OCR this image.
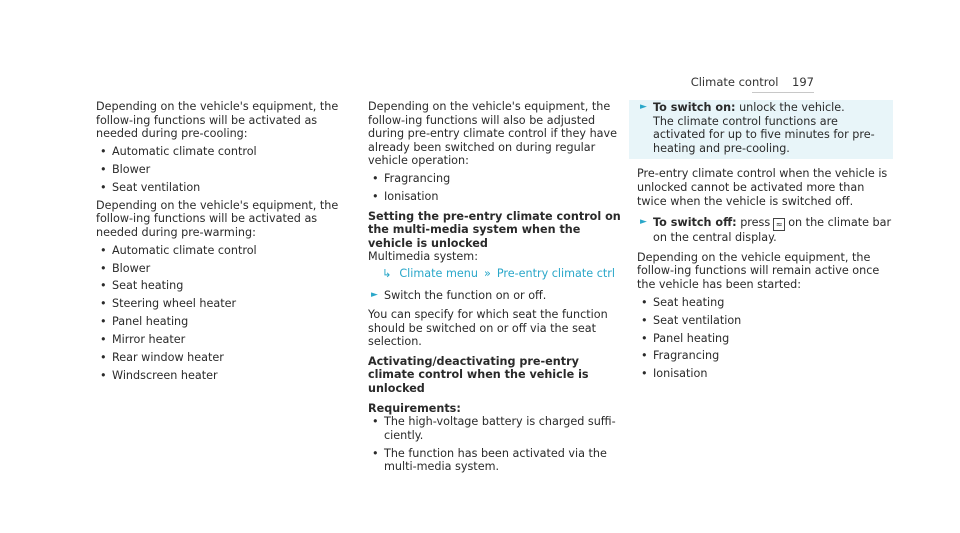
Climate control 197

Depending on the vehicle's equipment, the follow-ing functions will be activated as needed during pre-cooling:

• Automatic climate control
• Blower
• Seat ventilation

Depending on the vehicle's equipment, the follow-ing functions will be activated as needed during pre-warming:

• Automatic climate control
• Blower
• Seat heating
• Steering wheel heater
• Panel heating
• Mirror heater
• Rear window heater
• Windscreen heater

Depending on the vehicle's equipment, the follow-ing functions will also be adjusted during pre-entry climate control if they have already been switched on during regular vehicle operation:

• Fragrancing
• Ionisation
Setting the pre-entry climate control on the multi-media system when the vehicle is unlocked
Multimedia system:
↳ Climate menu » Pre-entry climate ctrl
► Switch the function on or off.

You can specify for which seat the function should be switched on or off via the seat selection.

Activating/deactivating pre-entry climate control when the vehicle is unlocked
Requirements:
• The high-voltage battery is charged suffi-ciently.
• The function has been activated via the multi-media system.
► To switch on: unlock the vehicle.
The climate control functions are activated for up to five minutes for pre-heating and pre-cooling.

Pre-entry climate control when the vehicle is unlocked cannot be activated more than twice when the vehicle is switched off.

► To switch off: press ≈ on the climate bar on the central display.

Depending on the vehicle equipment, the follow-ing functions will remain active once the vehicle has been started:

• Seat heating
• Seat ventilation
• Panel heating
• Fragrancing
• Ionisation
